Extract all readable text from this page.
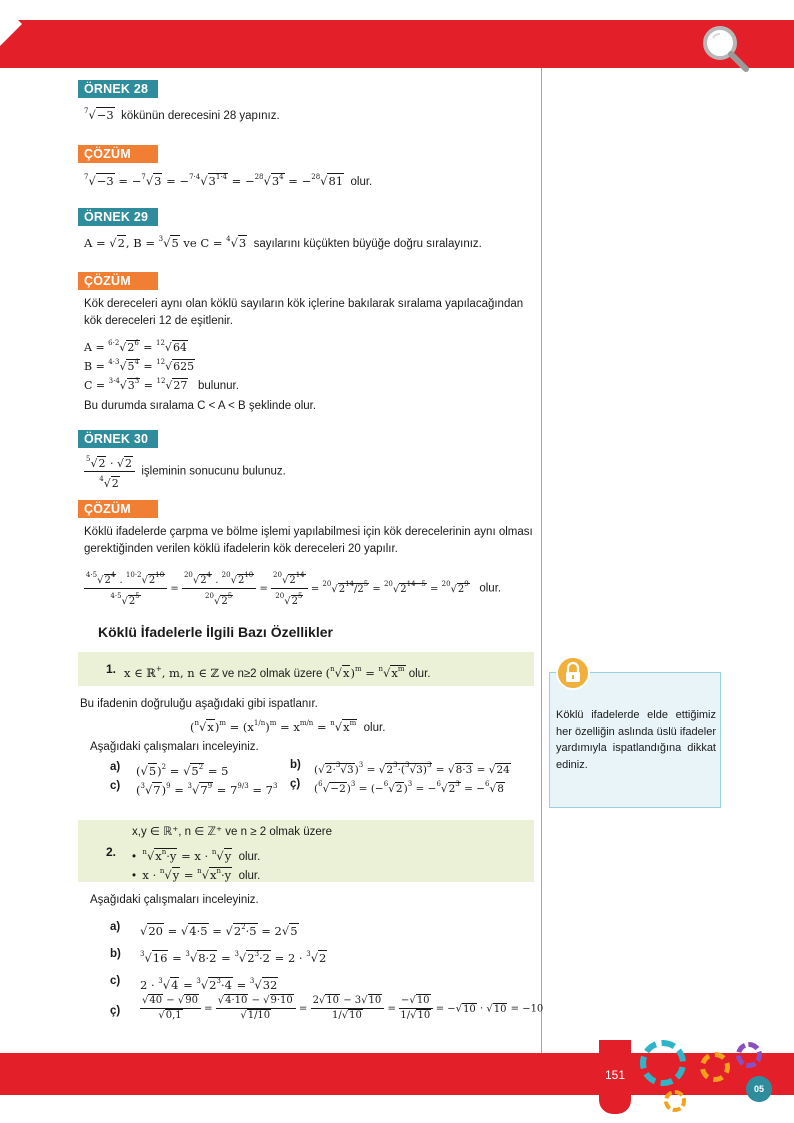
ÖRNEK 28
$^7$√−3 kökünün derecesini 28 yapınız.
ÇÖZÜM
$^7√-3 = -^7√3 = -^{7\cdot 4}√3^{1\cdot 4} = -^{28}√3^4 = -^{28}√81$ olur.
ÖRNEK 29
A = √2, B = $^3$√5 ve C = $^4$√3 sayılarını küçükten büyüğe doğru sıralayınız.
ÇÖZÜM
Kök dereceleri aynı olan köklü sayıların kök içlerine bakılarak sıralama yapılacağından kök dereceleri 12 de eşitlenir.
$A = ^{6\cdot 2}√2^6 = ^{12}√64$
$B = ^{4\cdot 3}√5^4 = ^{12}√625$
$C = ^{3\cdot 4}√3^3 = ^{12}√27$ bulunur.
Bu durumda sıralama C < A < B şeklinde olur.
ÖRNEK 30
$\frac{^5√2 \cdot √2}{^4√2}$ işleminin sonucunu bulunuz.
ÇÖZÜM
Köklü ifadelerde çarpma ve bölme işlemi yapılabilmesi için kök derecelerinin aynı olması gerektiğinden verilen köklü ifadelerin kök dereceleri 20 yapılır.
$\frac{^{4\cdot 5}√2^4 . ^{10\cdot 2}√2^{10}}{^{4\cdot 5}√2^5} = \frac{^{20}√2^4 . ^{20}√2^{10}}{^{20}√2^5} = \frac{^{20}√2^{14}}{^{20}√2^5} = ^{20}√2^{14}/2^5 = ^{20}√2^{14-5} = ^{20}√2^9$ olur.
Köklü İfadelerle İlgili Bazı Özellikler
1. x ∈ ℝ+, m, n ∈ ℤ ve n≥2 olmak üzere $(^n√x)^m = ^n√x^m$ olur.
Bu ifadenin doğruluğu aşağıdaki gibi ispatlanır.
$(^n√x)^m = (x^{1/n})^m = x^{m/n} = ^n√x^m$ olur.
Aşağıdaki çalışmaları inceleyiniz.
a) $(√5)^2 = √5^2 = 5$
c) $(^3√7)^9 = ^3√7^9 = 7^{9/3} = 7^3$
b) $(√2\cdot^3√3)^3 = √2^3\cdot(^3√3)^3 = √8\cdot 3 = √24$
ç) $(^6√-2)^3 = (-^6√2)^3 = -^6√2^3 = -^6√8$
x,y ∈ ℝ⁺, n ∈ ℤ⁺ ve n ≥ 2 olmak üzere
2. •  $^n√x^n\cdot y = x \cdot ^n√y$ olur.
•  $x \cdot ^n√y = ^n√x^n\cdot y$ olur.
Aşağıdaki çalışmaları inceleyiniz.
a) $√20 = √4\cdot 5 = √2^2\cdot 5 = 2√5$
b)	$^3√16 = ^3√8\cdot 2 = ^3√2^3\cdot 2 = 2 \cdot ^3√2$
c) $2 \cdot ^3√4 = ^3√2^3\cdot 4 = ^3√32$
ç) $\frac{√40 - √90}{√0,1} = \frac{√4\cdot 10 - √9\cdot 10}{√1/10} = \frac{2√10 - 3√10}{1/√10} = \frac{-√10}{1/√10} = -√10 \cdot √10 = -10$
Köklü ifadelerde elde ettiğimiz her özelliğin aslında üslü ifadeler yardımıyla ispatlandığına dikkat ediniz.
05
151
